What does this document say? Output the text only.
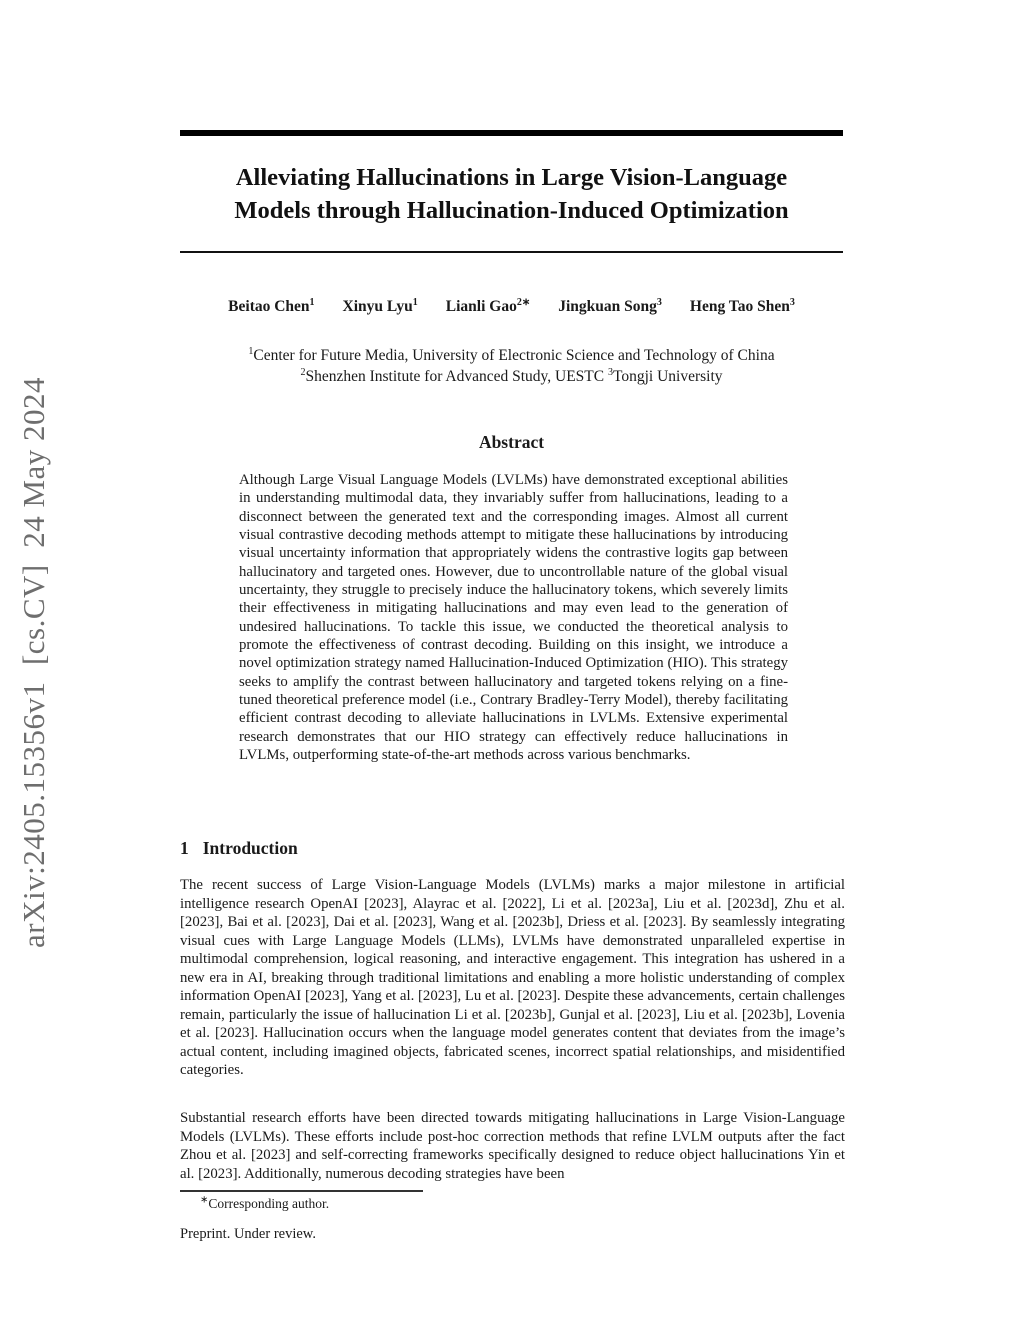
arXiv:2405.15356v1  [cs.CV]  24 May 2024
Alleviating Hallucinations in Large Vision-Language
Models through Hallucination-Induced Optimization
Beitao Chen$^1$ Xinyu Lyu$^1$ Lianli Gao$^{2∗}$ Jingkuan Song$^3$ Heng Tao Shen$^3$
$^1$Center for Future Media, University of Electronic Science and Technology of China
$^2$Shenzhen Institute for Advanced Study, UESTC $^3$Tongji University
Abstract

Although Large Visual Language Models (LVLMs) have demonstrated exceptional abilities in understanding multimodal data, they invariably suffer from hallucinations, leading to a disconnect between the generated text and the corresponding images. Almost all current visual contrastive decoding methods attempt to mitigate these hallucinations by introducing visual uncertainty information that appropriately widens the contrastive logits gap between hallucinatory and targeted ones. However, due to uncontrollable nature of the global visual uncertainty, they struggle to precisely induce the hallucinatory tokens, which severely limits their effectiveness in mitigating hallucinations and may even lead to the generation of undesired hallucinations. To tackle this issue, we conducted the theoretical analysis to promote the effectiveness of contrast decoding. Building on this insight, we introduce a novel optimization strategy named Hallucination-Induced Optimization (HIO). This strategy seeks to amplify the contrast between hallucinatory and targeted tokens relying on a fine-tuned theoretical preference model (i.e., Contrary Bradley-Terry Model), thereby facilitating efficient contrast decoding to alleviate hallucinations in LVLMs. Extensive experimental research demonstrates that our HIO strategy can effectively reduce hallucinations in LVLMs, outperforming state-of-the-art methods across various benchmarks.

1 Introduction

The recent success of Large Vision-Language Models (LVLMs) marks a major milestone in artificial intelligence research OpenAI [2023], Alayrac et al. [2022], Li et al. [2023a], Liu et al. [2023d], Zhu et al. [2023], Bai et al. [2023], Dai et al. [2023], Wang et al. [2023b], Driess et al. [2023]. By seamlessly integrating visual cues with Large Language Models (LLMs), LVLMs have demonstrated unparalleled expertise in multimodal comprehension, logical reasoning, and interactive engagement. This integration has ushered in a new era in AI, breaking through traditional limitations and enabling a more holistic understanding of complex information OpenAI [2023], Yang et al. [2023], Lu et al. [2023]. Despite these advancements, certain challenges remain, particularly the issue of hallucination Li et al. [2023b], Gunjal et al. [2023], Liu et al. [2023b], Lovenia et al. [2023]. Hallucination occurs when the language model generates content that deviates from the image’s actual content, including imagined objects, fabricated scenes, incorrect spatial relationships, and misidentified categories.

Substantial research efforts have been directed towards mitigating hallucinations in Large Vision-Language Models (LVLMs). These efforts include post-hoc correction methods that refine LVLM outputs after the fact Zhou et al. [2023] and self-correcting frameworks specifically designed to reduce object hallucinations Yin et al. [2023]. Additionally, numerous decoding strategies have been

∗Corresponding author.
Preprint. Under review.
